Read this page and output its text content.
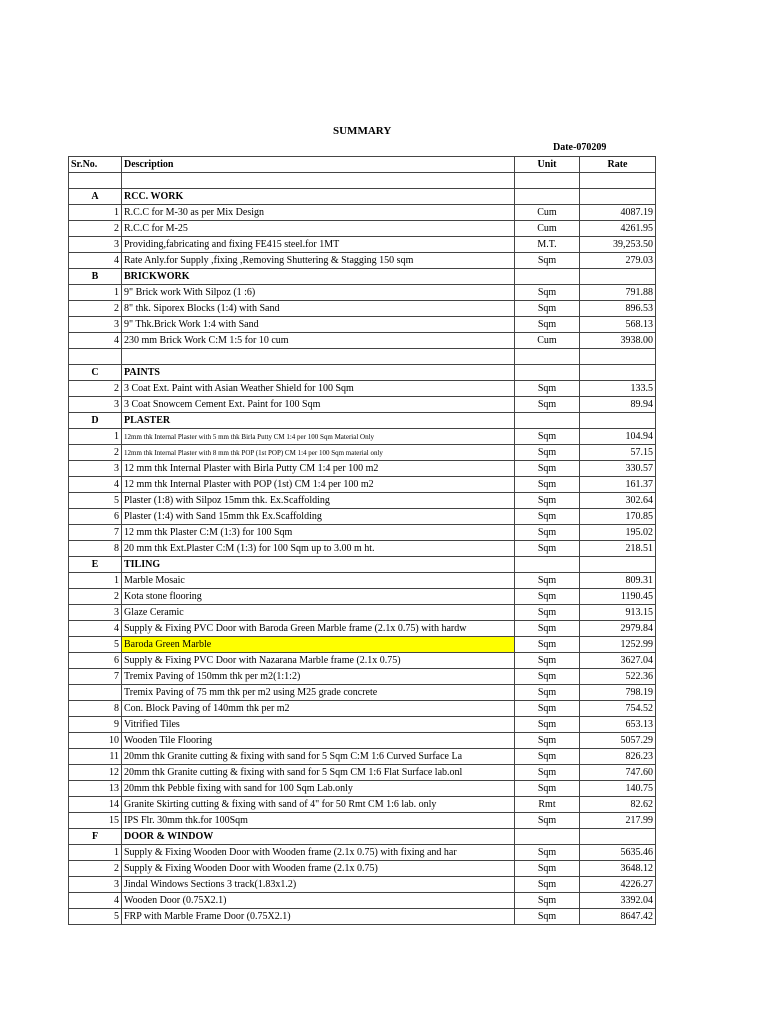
SUMMARY
Date-070209
Sr.No.	Description	Unit	Rate

A	RCC. WORK		
1	R.C.C for M-30 as per Mix Design	Cum	4087.19
2	R.C.C for M-25	Cum	4261.95
3	Providing,fabricating and fixing FE415 steel.for 1MT	M.T.	39,253.50
4	Rate Anly.for Supply ,fixing ,Removing Shuttering & Stagging 150 sqm	Sqm	279.03
B	BRICKWORK		
1	9" Brick work With Silpoz (1 :6)	Sqm	791.88
2	8" thk. Siporex Blocks (1:4) with Sand	Sqm	896.53
3	9" Thk.Brick Work 1:4 with Sand	Sqm	568.13
4	230 mm Brick Work C:M 1:5 for 10 cum	Cum	3938.00

C	PAINTS		
2	3 Coat Ext. Paint with Asian Weather Shield for 100 Sqm	Sqm	133.5
3	3 Coat Snowcem Cement Ext. Paint for 100 Sqm	Sqm	89.94
D	PLASTER		
1	12mm thk Internal Plaster with 5 mm thk Birla Putty CM 1:4 per 100 Sqm Material Only	Sqm	104.94
2	12mm thk Internal Plaster with 8 mm thk POP (1st POP) CM 1:4 per 100 Sqm material only	Sqm	57.15
3	12 mm thk Internal Plaster with Birla Putty CM 1:4 per 100 m2	Sqm	330.57
4	12 mm thk Internal Plaster with POP (1st) CM 1:4 per 100 m2	Sqm	161.37
5	Plaster (1:8) with Silpoz 15mm thk. Ex.Scaffolding	Sqm	302.64
6	Plaster (1:4) with Sand 15mm thk Ex.Scaffolding	Sqm	170.85
7	12 mm thk Plaster C:M (1:3) for 100 Sqm	Sqm	195.02
8	20 mm thk Ext.Plaster C:M (1:3) for 100 Sqm up to 3.00 m ht.	Sqm	218.51
E	TILING		
1	Marble Mosaic	Sqm	809.31
2	Kota stone flooring	Sqm	1190.45
3	Glaze Ceramic	Sqm	913.15
4	Supply & Fixing PVC Door with Baroda Green Marble frame (2.1x 0.75) with hardw	Sqm	2979.84
5	Baroda Green Marble	Sqm	1252.99
6	Supply & Fixing PVC Door with Nazarana Marble frame (2.1x 0.75)	Sqm	3627.04
7	Tremix Paving of 150mm thk per m2(1:1:2)	Sqm	522.36
	Tremix Paving of 75 mm thk per m2 using M25 grade concrete	Sqm	798.19
8	Con. Block Paving of 140mm thk per m2	Sqm	754.52
9	Vitrified Tiles	Sqm	653.13
10	Wooden Tile Flooring	Sqm	5057.29
11	20mm thk Granite cutting & fixing with sand for 5 Sqm C:M 1:6 Curved Surface La	Sqm	826.23
12	20mm thk Granite cutting & fixing with sand for 5 Sqm CM 1:6 Flat Surface lab.onl	Sqm	747.60
13	20mm thk Pebble fixing with sand for 100 Sqm Lab.only	Sqm	140.75
14	Granite Skirting cutting & fixing with sand of 4" for 50 Rmt CM 1:6 lab. only	Rmt	82.62
15	IPS Flr. 30mm thk.for 100Sqm	Sqm	217.99
F	DOOR & WINDOW		
1	Supply & Fixing Wooden Door with Wooden frame (2.1x 0.75) with fixing and har	Sqm	5635.46
2	Supply & Fixing Wooden Door with Wooden frame (2.1x 0.75)	Sqm	3648.12
3	Jindal Windows Sections 3 track(1.83x1.2)	Sqm	4226.27
4	Wooden Door (0.75X2.1)	Sqm	3392.04
5	FRP with Marble Frame Door (0.75X2.1)	Sqm	8647.42
